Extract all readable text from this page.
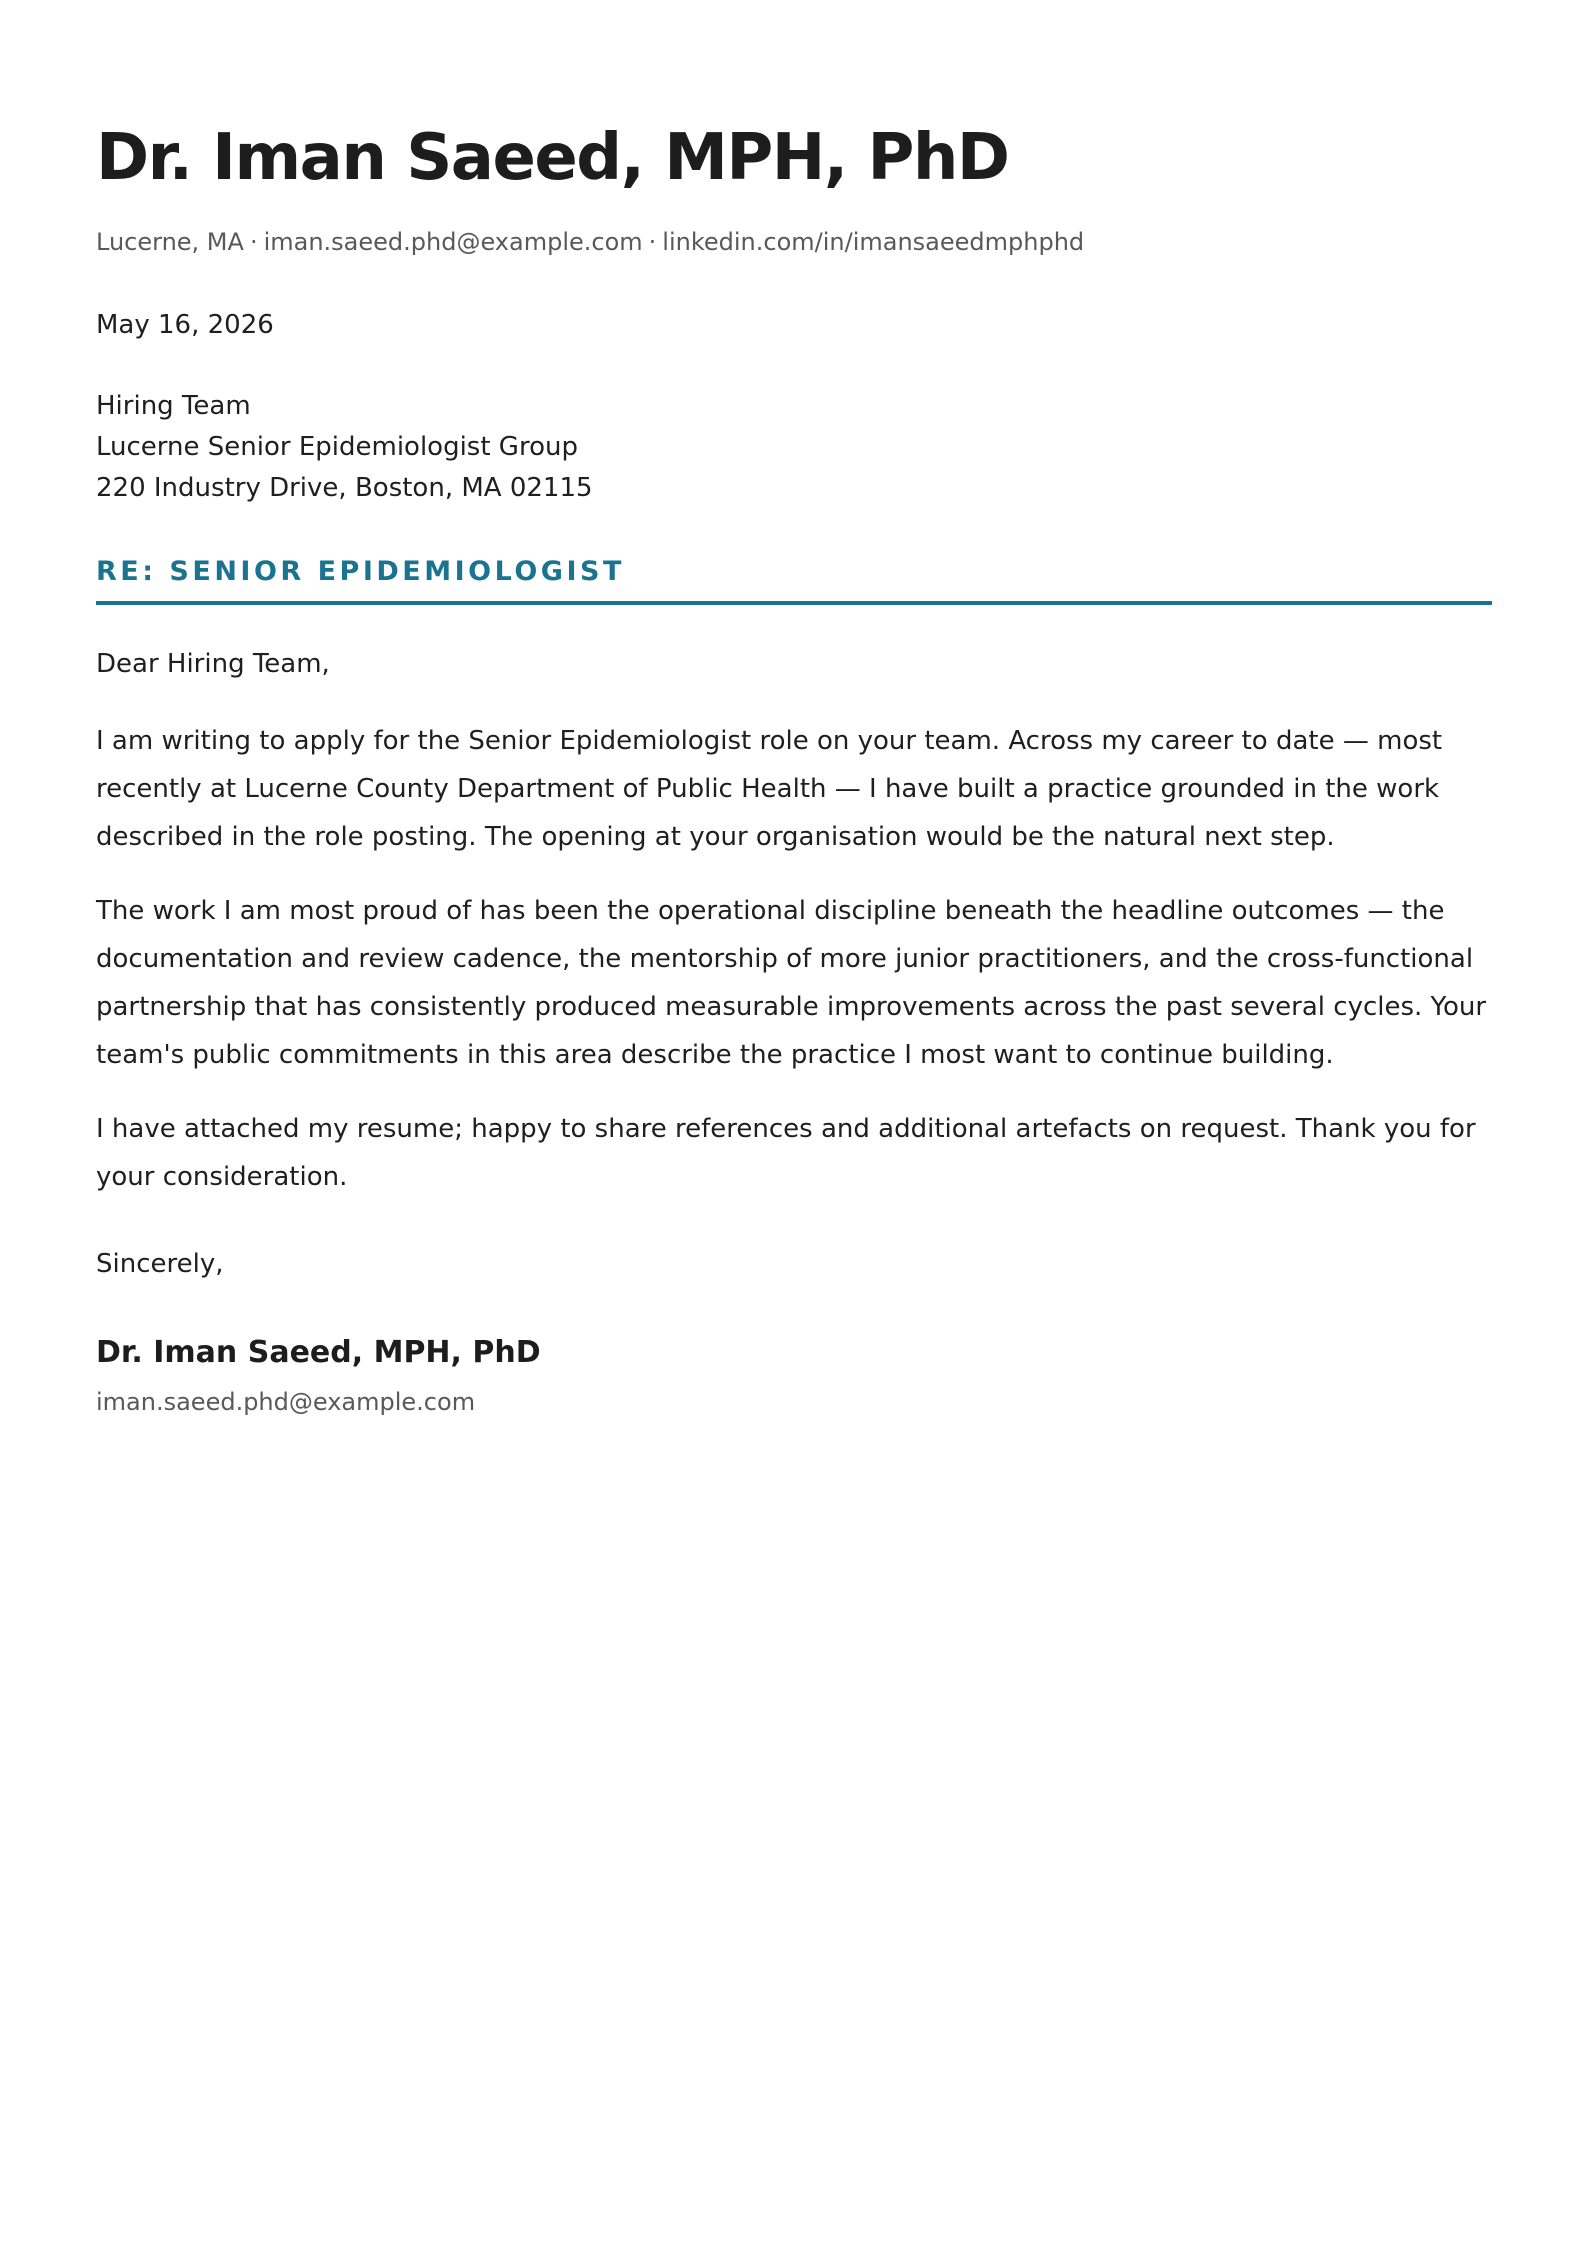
Dr. Iman Saeed, MPH, PhD
Lucerne, MA · iman.saeed.phd@example.com · linkedin.com/in/imansaeedmphphd
May 16, 2026
Hiring Team
Lucerne Senior Epidemiologist Group
220 Industry Drive, Boston, MA 02115
RE: SENIOR EPIDEMIOLOGIST
Dear Hiring Team,
I am writing to apply for the Senior Epidemiologist role on your team. Across my career to date — most recently at Lucerne County Department of Public Health — I have built a practice grounded in the work described in the role posting. The opening at your organisation would be the natural next step.
The work I am most proud of has been the operational discipline beneath the headline outcomes — the documentation and review cadence, the mentorship of more junior practitioners, and the cross-functional partnership that has consistently produced measurable improvements across the past several cycles. Your team's public commitments in this area describe the practice I most want to continue building.
I have attached my resume; happy to share references and additional artefacts on request. Thank you for your consideration.
Sincerely,
Dr. Iman Saeed, MPH, PhD
iman.saeed.phd@example.com
